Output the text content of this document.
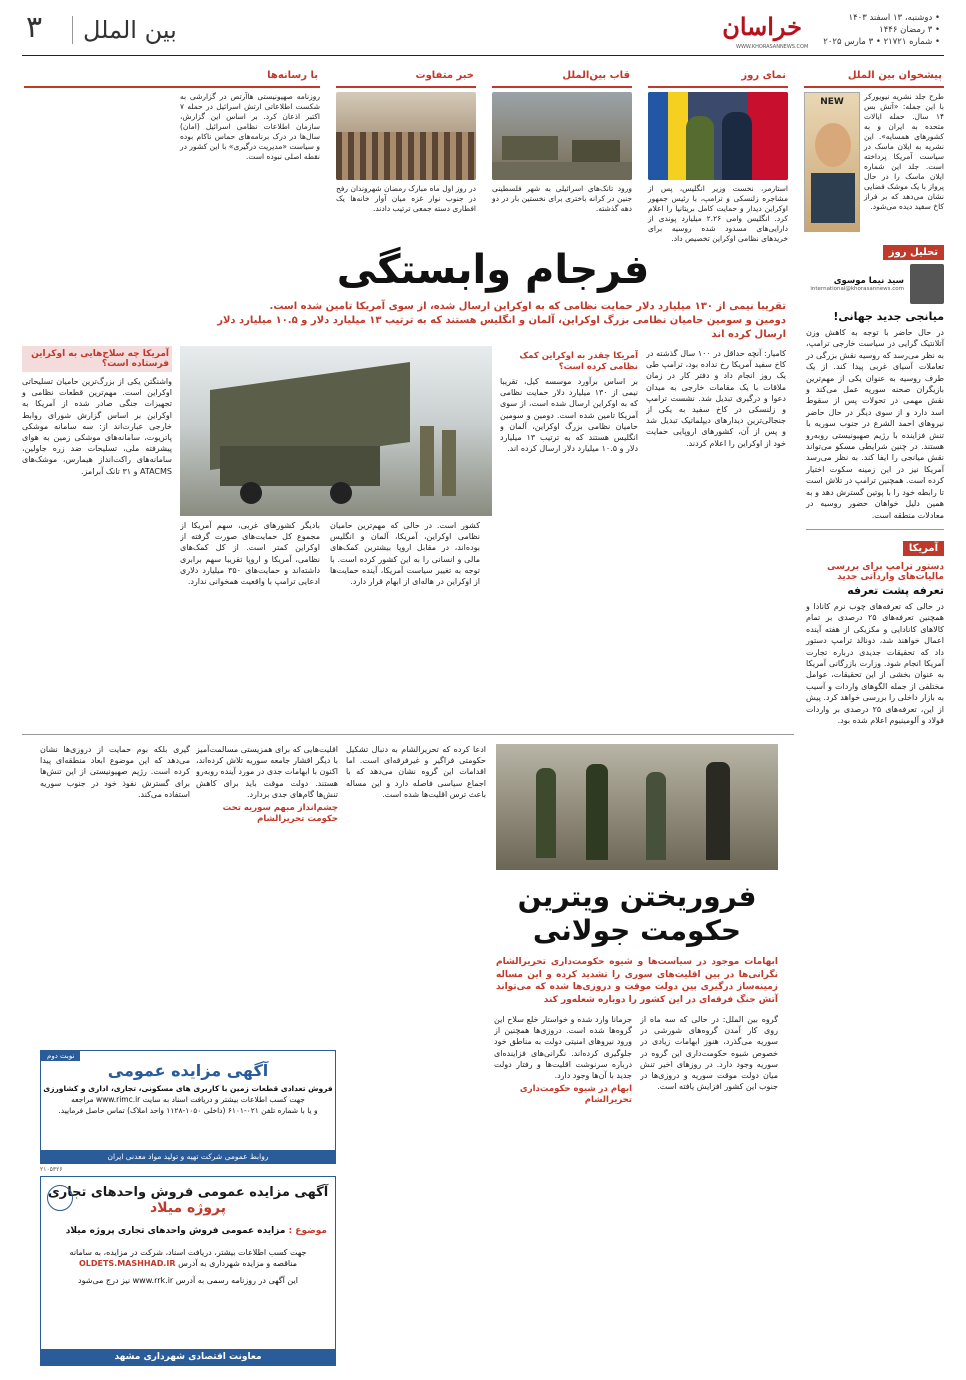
۳	بین الملل	خراسان
WWW.KHORASANNEWS.COM
• دوشنبه، ۱۳ اسفند ۱۴۰۳
• ۳ رمضان ۱۴۴۶
• شماره ۲۱۷۲۱ • ۳ مارس ۲۰۲۵
پیشخوان بین الملل
طرح جلد نشریه نیویورکر با این جمله: «آتش بس ۱۴ سال. حمله ایالات متحده به ایران و به کشورهای همسایه». این نشریه به ایلان ماسک در سیاست آمریکا پرداخته است. جلد این شماره ایلان ماسک را در حال پرواز با یک موشک فضایی نشان می‌دهد که بر فراز کاخ سفید دیده می‌شود.
NEW
نمای روز
استارمر، نخست وزیر انگلیس، پس از مشاجره زلنسکی و ترامپ، با رئیس جمهور اوکراین دیدار و حمایت کامل بریتانیا را اعلام کرد. انگلیس وامی ۲.۲۶ میلیارد پوندی از دارایی‌های مسدود شده روسیه برای خریدهای نظامی اوکراین تخصیص داد.
قاب بین‌الملل
ورود تانک‌های اسرائیلی به شهر فلسطینی جنین در کرانه باختری برای نخستین بار در دو دهه گذشته.
خبر متفاوت
در روز اول ماه مبارک رمضان شهروندان رفح در جنوب نوار غزه میان آوار خانه‌ها یک افطاری دسته جمعی ترتیب دادند.
با رسانه‌ها
روزنامه صهیونیستی هاآرتص در گزارشی به شکست اطلاعاتی ارتش اسرائیل در حمله ۷ اکتبر اذعان کرد. بر اساس این گزارش، سازمان اطلاعات نظامی اسرائیل (امان) سال‌ها در درک برنامه‌های حماس ناکام بوده و سیاست «مدیریت درگیری» با این کشور در نقطه اصلی نبوده است.
تحلیل روز
سید نیما موسوی
international@khorasannews.com
میانجی جدید جهانی!
در حال حاضر با توجه به کاهش وزن آتلانتیک گرایی در سیاست خارجی ترامپ، به نظر می‌رسد که روسیه نقش بزرگی در تعاملات آسیای غربی پیدا کند. از یک طرف روسیه به عنوان یکی از مهم‌ترین بازیگران صحنه سوریه عمل می‌کند و نقش مهمی در تحولات پس از سقوط اسد دارد و از سوی دیگر در حال حاضر نیروهای احمد الشرع در جنوب سوریه با تنش فزاینده با رژیم صهیونیستی روبه‌رو هستند. در چنین شرایطی مسکو می‌تواند نقش میانجی را ایفا کند. به نظر می‌رسد آمریکا نیز در این زمینه سکوت اختیار کرده است. همچنین ترامپ در تلاش است تا رابطه خود را با پوتین گسترش دهد و به همین دلیل خواهان حضور روسیه در معادلات منطقه است.
آمریکا
دستور ترامپ برای بررسی مالیات‌های وارداتی جدید
تعرفه پشت تعرفه
در حالی که تعرفه‌های چوب نرم کانادا و همچنین تعرفه‌های ۲۵ درصدی بر تمام کالاهای کانادایی و مکزیکی از هفته آینده اعمال خواهند شد، دونالد ترامپ دستور داد که تحقیقات جدیدی درباره تجارت آمریکا انجام شود. وزارت بازرگانی آمریکا به عنوان بخشی از این تحقیقات، عوامل مختلفی از جمله الگوهای واردات و آسیب به بازار داخلی را بررسی خواهد کرد. پیش از این، تعرفه‌های ۲۵ درصدی بر واردات فولاد و آلومینیوم اعلام شده بود.
فرجام وابستگی
تقریبا نیمی از ۱۳۰ میلیارد دلار حمایت نظامی که به اوکراین ارسال شده، از سوی آمریکا تامین شده است.
دومین و سومین حامیان نظامی بزرگ اوکراین، آلمان و انگلیس هستند که به ترتیب ۱۳ میلیارد دلار و ۱۰.۵ میلیارد دلار ارسال کرده اند
آمریکا چه سلاح‌هایی به اوکراین فرستاده است؟
واشنگتن یکی از بزرگ‌ترین حامیان تسلیحاتی اوکراین است. مهم‌ترین قطعات نظامی و تجهیزات جنگی صادر شده از آمریکا به اوکراین بر اساس گزارش شورای روابط خارجی عبارت‌اند از: سه سامانه موشکی پاتریوت، سامانه‌های موشکی زمین به هوای پیشرفته ملی، تسلیحات ضد زره جاولین، سامانه‌های راکت‌انداز هیمارس، موشک‌های ATACMS و ۳۱ تانک آبرامز.
کامیار: آنچه حداقل در ۱۰۰ سال گذشته در کاخ سفید آمریکا رخ نداده بود، ترامپ طی یک روز انجام داد و دفتر کار در زمان ملاقات با یک مقامات خارجی به میدان دعوا و درگیری تبدیل شد. نشست ترامپ و زلنسکی در کاخ سفید به یکی از جنجالی‌ترین دیدارهای دیپلماتیک تبدیل شد و پس از آن، کشورهای اروپایی حمایت خود از اوکراین را اعلام کردند.
آمریکا چقدر به اوکراین کمک نظامی کرده است؟
بر اساس برآورد موسسه کیل، تقریبا نیمی از ۱۳۰ میلیارد دلار حمایت نظامی که به اوکراین ارسال شده است، از سوی آمریکا تامین شده است. دومین و سومین حامیان نظامی بزرگ اوکراین، آلمان و انگلیس هستند که به ترتیب ۱۳ میلیارد دلار و ۱۰.۵ میلیارد دلار ارسال کرده اند.
کشور است. در حالی که مهم‌ترین حامیان نظامی اوکراین، آمریکا، آلمان و انگلیس بوده‌اند، در مقابل اروپا بیشترین کمک‌های مالی و انسانی را به این کشور کرده است. با توجه به تغییر سیاست آمریکا، آینده حمایت‌ها از اوکراین در هاله‌ای از ابهام قرار دارد.
بادیگر کشورهای غربی، سهم آمریکا از مجموع کل حمایت‌های صورت گرفته از اوکراین کمتر است. از کل کمک‌های نظامی، آمریکا و اروپا تقریبا سهم برابری داشته‌اند و حمایت‌های ۳۵۰ میلیارد دلاری ادعایی ترامپ با واقعیت همخوانی ندارد.
فروریختن ویترین
حکومت جولانی
ابهامات موجود در سیاست‌ها و شیوه حکومت‌داری تحریرالشام نگرانی‌ها در بین اقلیت‌های سوری را تشدید کرده و این مساله زمینه‌ساز درگیری بین دولت موقت و دروزی‌ها شده که می‌تواند آتش جنگ فرقه‌ای در این کشور را دوباره شعله‌ور کند
گروه بین الملل: در حالی که سه ماه از روی کار آمدن گروه‌های شورشی در سوریه می‌گذرد، هنوز ابهامات زیادی در خصوص شیوه حکومت‌داری این گروه در سوریه وجود دارد. در روزهای اخیر تنش میان دولت موقت سوریه و دروزی‌ها در جنوب این کشور افزایش یافته است.
جرمانا وارد شده و خواستار خلع سلاح این گروه‌ها شده است. دروزی‌ها همچنین از ورود نیروهای امنیتی دولت به مناطق خود جلوگیری کرده‌اند. نگرانی‌های فزاینده‌ای درباره سرنوشت اقلیت‌ها و رفتار دولت جدید با آن‌ها وجود دارد.
ابهام در شیوه حکومت‌داری تحریرالشام
ادعا کرده که تحریرالشام به دنبال تشکیل حکومتی فراگیر و غیرفرقه‌ای است. اما اقدامات این گروه نشان می‌دهد که با اجماع سیاسی فاصله دارد و این مساله باعث ترس اقلیت‌ها شده است.
اقلیت‌هایی که برای همزیستی مسالمت‌آمیز با دیگر اقشار جامعه سوریه تلاش کرده‌اند، اکنون با ابهامات جدی در مورد آینده روبه‌رو هستند. دولت موقت باید برای کاهش تنش‌ها گام‌های جدی بردارد.
چشم‌انداز مبهم سوریه تحت حکومت تحریرالشام
گیری بلکه بوم حمایت از دروزی‌ها نشان می‌دهد که این موضوع ابعاد منطقه‌ای پیدا کرده است. رژیم صهیونیستی از این تنش‌ها برای گسترش نفوذ خود در جنوب سوریه استفاده می‌کند.
نوبت دوم
آگهی مزایده عمومی
فروش تعدادی قطعات زمین با کاربری های مسکونی، تجاری، اداری و کشاورزی
جهت کسب اطلاعات بیشتر و دریافت اسناد به سایت www.rimc.ir مراجعه
و یا با شماره تلفن ۰۲۱-۶۱۰۱ (داخلی ۱۰۵۰-۱۱۲۸ واحد املاک) تماس حاصل فرمایید.
روابط عمومی شرکت تهیه و تولید مواد معدنی ایران
۲۱۰۵۳۲۶
آگهی مزایده عمومی فروش واحدهای تجاری
پروژه میلاد
موضوع : مزایده عمومی فروش واحدهای تجاری پروژه میلاد
جهت کسب اطلاعات بیشتر، دریافت اسناد، شرکت در مزایده، به سامانه
مناقصه و مزایده شهرداری به آدرس OLDETS.MASHHAD.IR
این آگهی در روزنامه رسمی به آدرس www.rrk.ir نیز درج می‌شود
معاونت اقتصادی شهرداری مشهد
